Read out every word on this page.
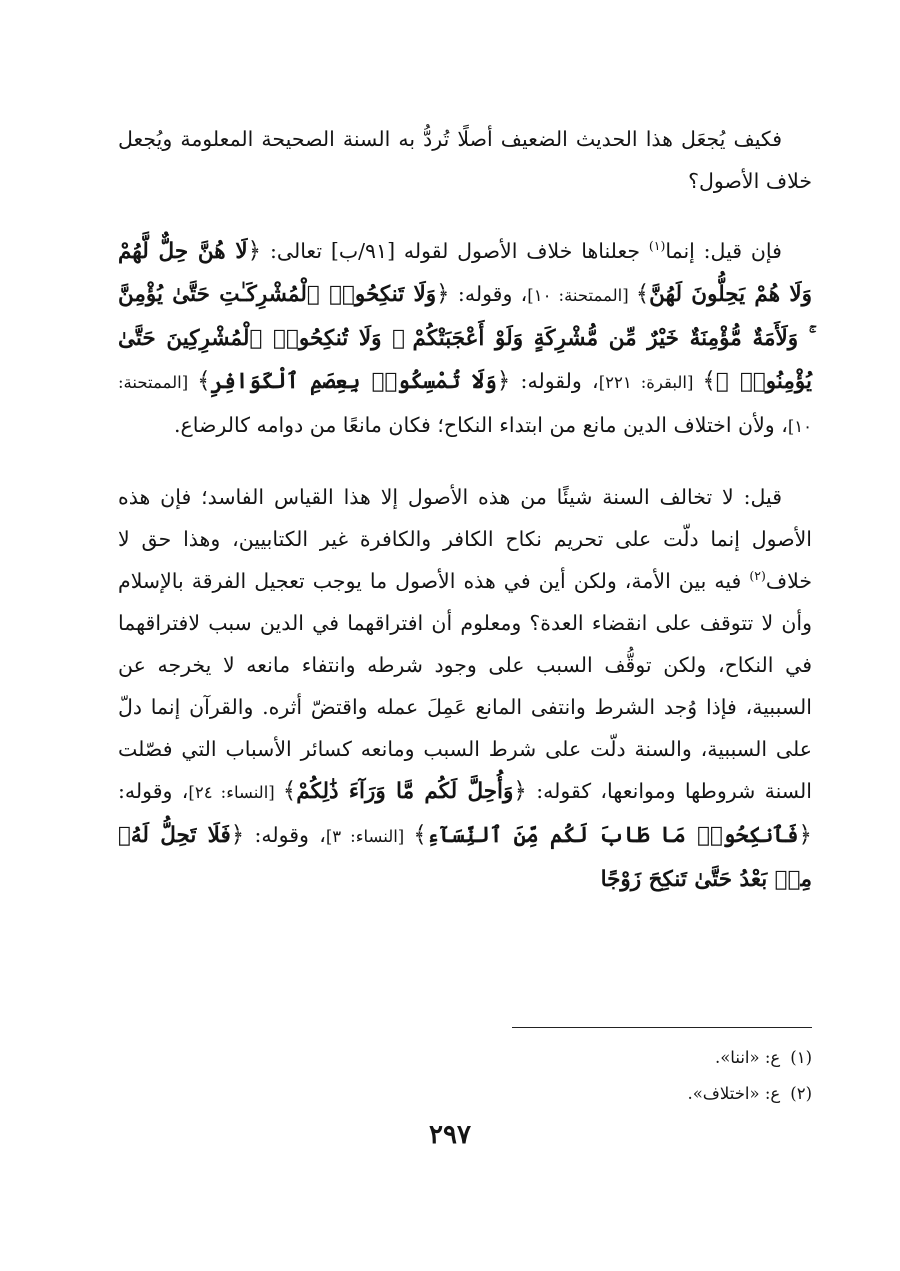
فكيف يُجعَل هذا الحديث الضعيف أصلًا تُردُّ به السنة الصحيحة المعلومة ويُجعل خلاف الأصول؟

فإن قيل: إنما$^{(١)}$ جعلناها خلاف الأصول لقوله [٩١/ب] تعالى: ﴿لَا هُنَّ حِلٌّ لَّهُمْ وَلَا هُمْ يَحِلُّونَ لَهُنَّ﴾ [الممتحنة: ١٠]، وقوله: ﴿وَلَا تَنكِحُوا۟ ٱلْمُشْرِكَـٰتِ حَتَّىٰ يُؤْمِنَّ ۚ وَلَأَمَةٌ مُّؤْمِنَةٌ خَيْرٌ مِّن مُّشْرِكَةٍ وَلَوْ أَعْجَبَتْكُمْ ۗ وَلَا تُنكِحُوا۟ ٱلْمُشْرِكِينَ حَتَّىٰ يُؤْمِنُوا۟ ۚ﴾ [البقرة: ٢٢١]، ولقوله: ﴿وَلَا تُمْسِكُوا۟ بِعِصَمِ ٱلْكَوَافِرِ﴾ [الممتحنة: ١٠]، ولأن اختلاف الدين مانع من ابتداء النكاح؛ فكان مانعًا من دوامه كالرضاع.

قيل: لا تخالف السنة شيئًا من هذه الأصول إلا هذا القياس الفاسد؛ فإن هذه الأصول إنما دلّت على تحريم نكاح الكافر والكافرة غير الكتابيين، وهذا حق لا خلاف$^{(٢)}$ فيه بين الأمة، ولكن أين في هذه الأصول ما يوجب تعجيل الفرقة بالإسلام وأن لا تتوقف على انقضاء العدة؟ ومعلوم أن افتراقهما في الدين سبب لافتراقهما في النكاح، ولكن توقُّف السبب على وجود شرطه وانتفاء مانعه لا يخرجه عن السببية، فإذا وُجد الشرط وانتفى المانع عَمِلَ عمله واقتضّ أثره. والقرآن إنما دلّ على السببية، والسنة دلّت على شرط السبب ومانعه كسائر الأسباب التي فصّلت السنة شروطها وموانعها، كقوله: ﴿وَأُحِلَّ لَكُم مَّا وَرَآءَ ذَٰلِكُمْ﴾ [النساء: ٢٤]، وقوله: ﴿فَٱنكِحُوا۟ مَا طَابَ لَكُم مِّنَ ٱلنِّسَآءِ﴾ [النساء: ٣]، وقوله: ﴿فَلَا تَحِلُّ لَهُۥ مِنۢ بَعْدُ حَتَّىٰ تَنكِحَ زَوْجًا

(١)ع: «اننا».
(٢)ع: «اختلاف».
٢٩٧
